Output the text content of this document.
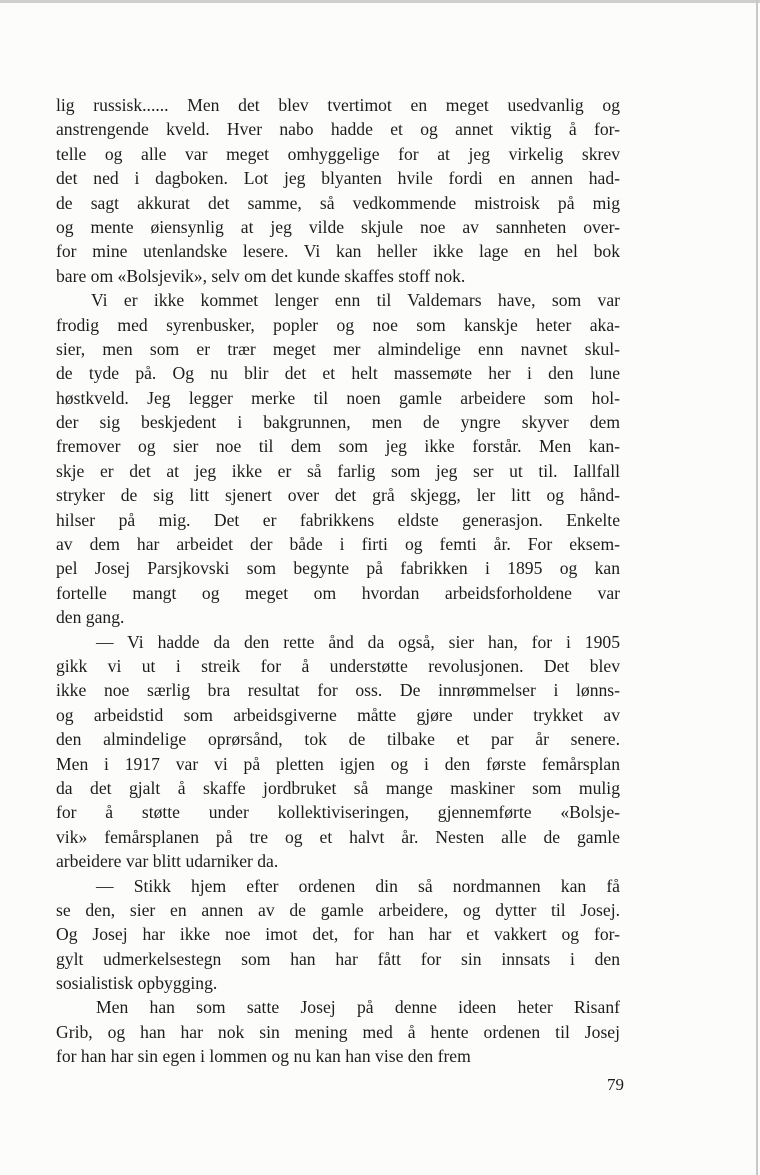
lig russisk...... Men det blev tvertimot en meget usedvanlig og
anstrengende kveld. Hver nabo hadde et og annet viktig å for-
telle og alle var meget omhyggelige for at jeg virkelig skrev
det ned i dagboken. Lot jeg blyanten hvile fordi en annen had-
de sagt akkurat det samme, så vedkommende mistroisk på mig
og mente øiensynlig at jeg vilde skjule noe av sannheten over-
for mine utenlandske lesere. Vi kan heller ikke lage en hel bok
bare om «Bolsjevik», selv om det kunde skaffes stoff nok.
Vi er ikke kommet lenger enn til Valdemars have, som var
frodig med syrenbusker, popler og noe som kanskje heter aka-
sier, men som er trær meget mer almindelige enn navnet skul-
de tyde på. Og nu blir det et helt massemøte her i den lune
høstkveld. Jeg legger merke til noen gamle arbeidere som hol-
der sig beskjedent i bakgrunnen, men de yngre skyver dem
fremover og sier noe til dem som jeg ikke forstår. Men kan-
skje er det at jeg ikke er så farlig som jeg ser ut til. Iallfall
stryker de sig litt sjenert over det grå skjegg, ler litt og hånd-
hilser på mig. Det er fabrikkens eldste generasjon. Enkelte
av dem har arbeidet der både i firti og femti år. For eksem-
pel Josej Parsjkovski som begynte på fabrikken i 1895 og kan
fortelle mangt og meget om hvordan arbeidsforholdene var
den gang.
— Vi hadde da den rette ånd da også, sier han, for i 1905
gikk vi ut i streik for å understøtte revolusjonen. Det blev
ikke noe særlig bra resultat for oss. De innrømmelser i lønns-
og arbeidstid som arbeidsgiverne måtte gjøre under trykket av
den almindelige oprørsånd, tok de tilbake et par år senere.
Men i 1917 var vi på pletten igjen og i den første femårsplan
da det gjalt å skaffe jordbruket så mange maskiner som mulig
for å støtte under kollektiviseringen, gjennemførte «Bolsje-
vik» femårsplanen på tre og et halvt år. Nesten alle de gamle
arbeidere var blitt udarniker da.
— Stikk hjem efter ordenen din så nordmannen kan få
se den, sier en annen av de gamle arbeidere, og dytter til Josej.
Og Josej har ikke noe imot det, for han har et vakkert og for-
gylt udmerkelsestegn som han har fått for sin innsats i den
sosialistisk opbygging.
Men han som satte Josej på denne ideen heter Risanf
Grib, og han har nok sin mening med å hente ordenen til Josej
for han har sin egen i lommen og nu kan han vise den frem
79
